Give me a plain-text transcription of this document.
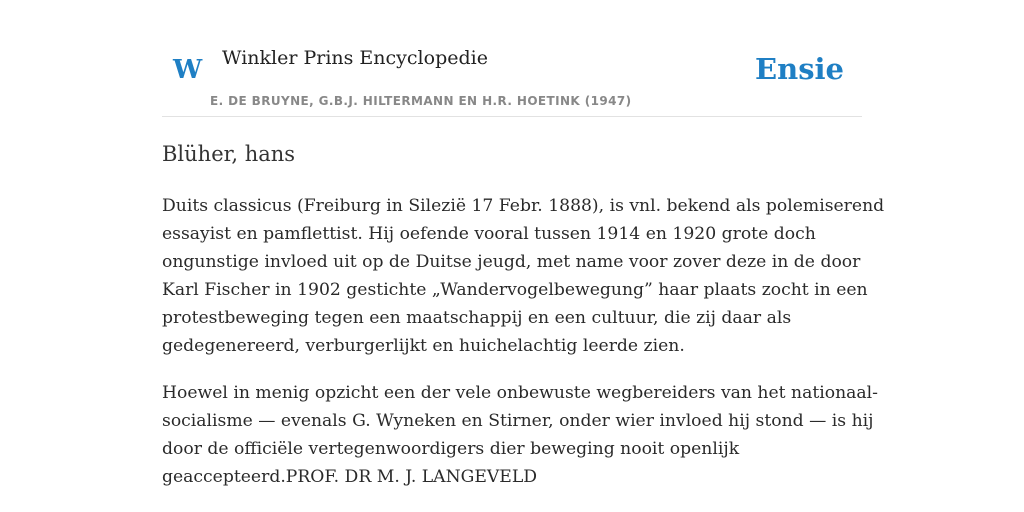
W Winkler Prins Encyclopedie
E. DE BRUYNE, G.B.J. HILTERMANN EN H.R. HOETINK (1947)
Ensie
Blüher, hans

Duits classicus (Freiburg in Silezië 17 Febr. 1888), is vnl. bekend als polemiserend
essayist en pamflettist. Hij oefende vooral tussen 1914 en 1920 grote doch
ongunstige invloed uit op de Duitse jeugd, met name voor zover deze in de door
Karl Fischer in 1902 gestichte „Wandervogelbewegung” haar plaats zocht in een
protestbeweging tegen een maatschappij en een cultuur, die zij daar als
gedegenereerd, verburgerlijkt en huichelachtig leerde zien.

Hoewel in menig opzicht een der vele onbewuste wegbereiders van het nationaal-
socialisme — evenals G. Wyneken en Stirner, onder wier invloed hij stond — is hij
door de officiële vertegenwoordigers dier beweging nooit openlijk
geaccepteerd.PROF. DR M. J. LANGEVELD
